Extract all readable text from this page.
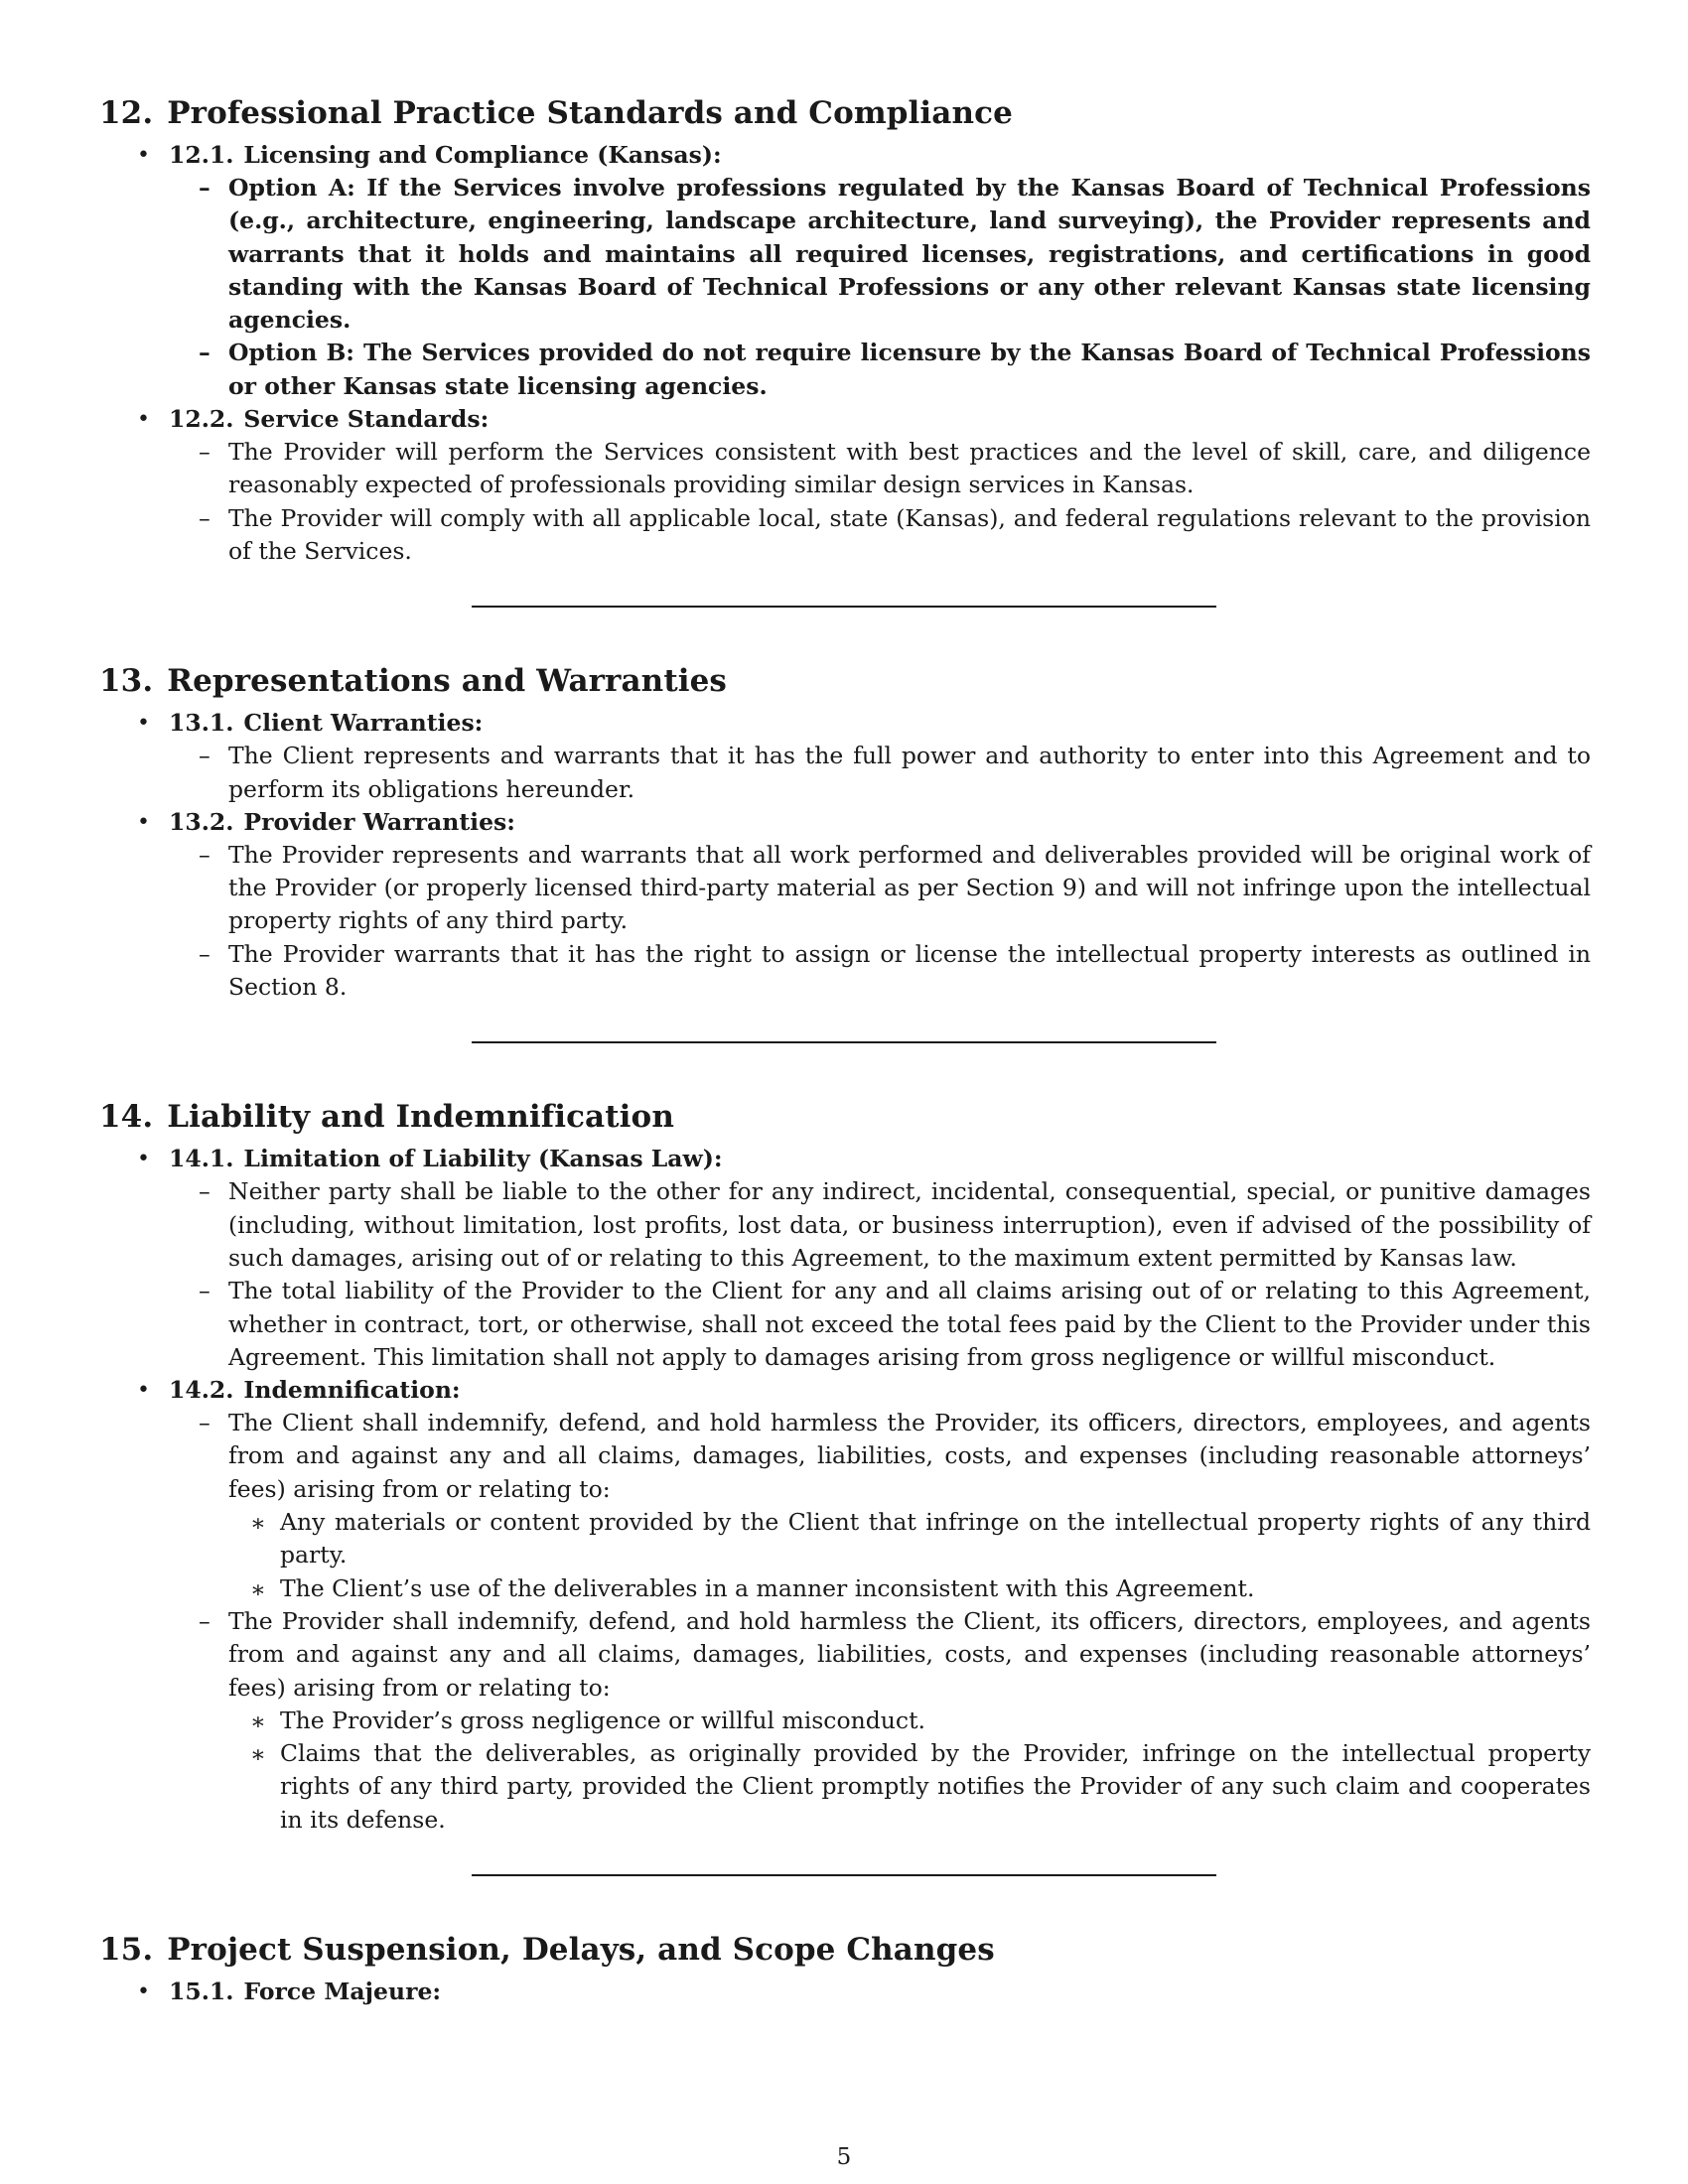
12. Professional Practice Standards and Compliance
• 12.1. Licensing and Compliance (Kansas):
– Option A: If the Services involve professions regulated by the Kansas Board of Technical Professions (e.g., architecture, engineering, landscape architecture, land surveying), the Provider represents and warrants that it holds and maintains all required licenses, registrations, and certifications in good standing with the Kansas Board of Technical Professions or any other relevant Kansas state licensing agencies.
– Option B: The Services provided do not require licensure by the Kansas Board of Technical Professions or other Kansas state licensing agencies.
• 12.2. Service Standards:
– The Provider will perform the Services consistent with best practices and the level of skill, care, and diligence reasonably expected of professionals providing similar design services in Kansas.
– The Provider will comply with all applicable local, state (Kansas), and federal regulations relevant to the provision of the Services.
13. Representations and Warranties
• 13.1. Client Warranties:
– The Client represents and warrants that it has the full power and authority to enter into this Agreement and to perform its obligations hereunder.
• 13.2. Provider Warranties:
– The Provider represents and warrants that all work performed and deliverables provided will be original work of the Provider (or properly licensed third-party material as per Section 9) and will not infringe upon the intellectual property rights of any third party.
– The Provider warrants that it has the right to assign or license the intellectual property interests as outlined in Section 8.
14. Liability and Indemnification
• 14.1. Limitation of Liability (Kansas Law):
– Neither party shall be liable to the other for any indirect, incidental, consequential, special, or punitive damages (including, without limitation, lost profits, lost data, or business interruption), even if advised of the possibility of such damages, arising out of or relating to this Agreement, to the maximum extent permitted by Kansas law.
– The total liability of the Provider to the Client for any and all claims arising out of or relating to this Agreement, whether in contract, tort, or otherwise, shall not exceed the total fees paid by the Client to the Provider under this Agreement. This limitation shall not apply to damages arising from gross negligence or willful misconduct.
• 14.2. Indemnification:
– The Client shall indemnify, defend, and hold harmless the Provider, its officers, directors, employees, and agents from and against any and all claims, damages, liabilities, costs, and expenses (including reasonable attorneys’ fees) arising from or relating to:
∗ Any materials or content provided by the Client that infringe on the intellectual property rights of any third party.
∗ The Client’s use of the deliverables in a manner inconsistent with this Agreement.
– The Provider shall indemnify, defend, and hold harmless the Client, its officers, directors, employees, and agents from and against any and all claims, damages, liabilities, costs, and expenses (including reasonable attorneys’ fees) arising from or relating to:
∗ The Provider’s gross negligence or willful misconduct.
∗ Claims that the deliverables, as originally provided by the Provider, infringe on the intellectual property rights of any third party, provided the Client promptly notifies the Provider of any such claim and cooperates in its defense.
15. Project Suspension, Delays, and Scope Changes
• 15.1. Force Majeure:
5
